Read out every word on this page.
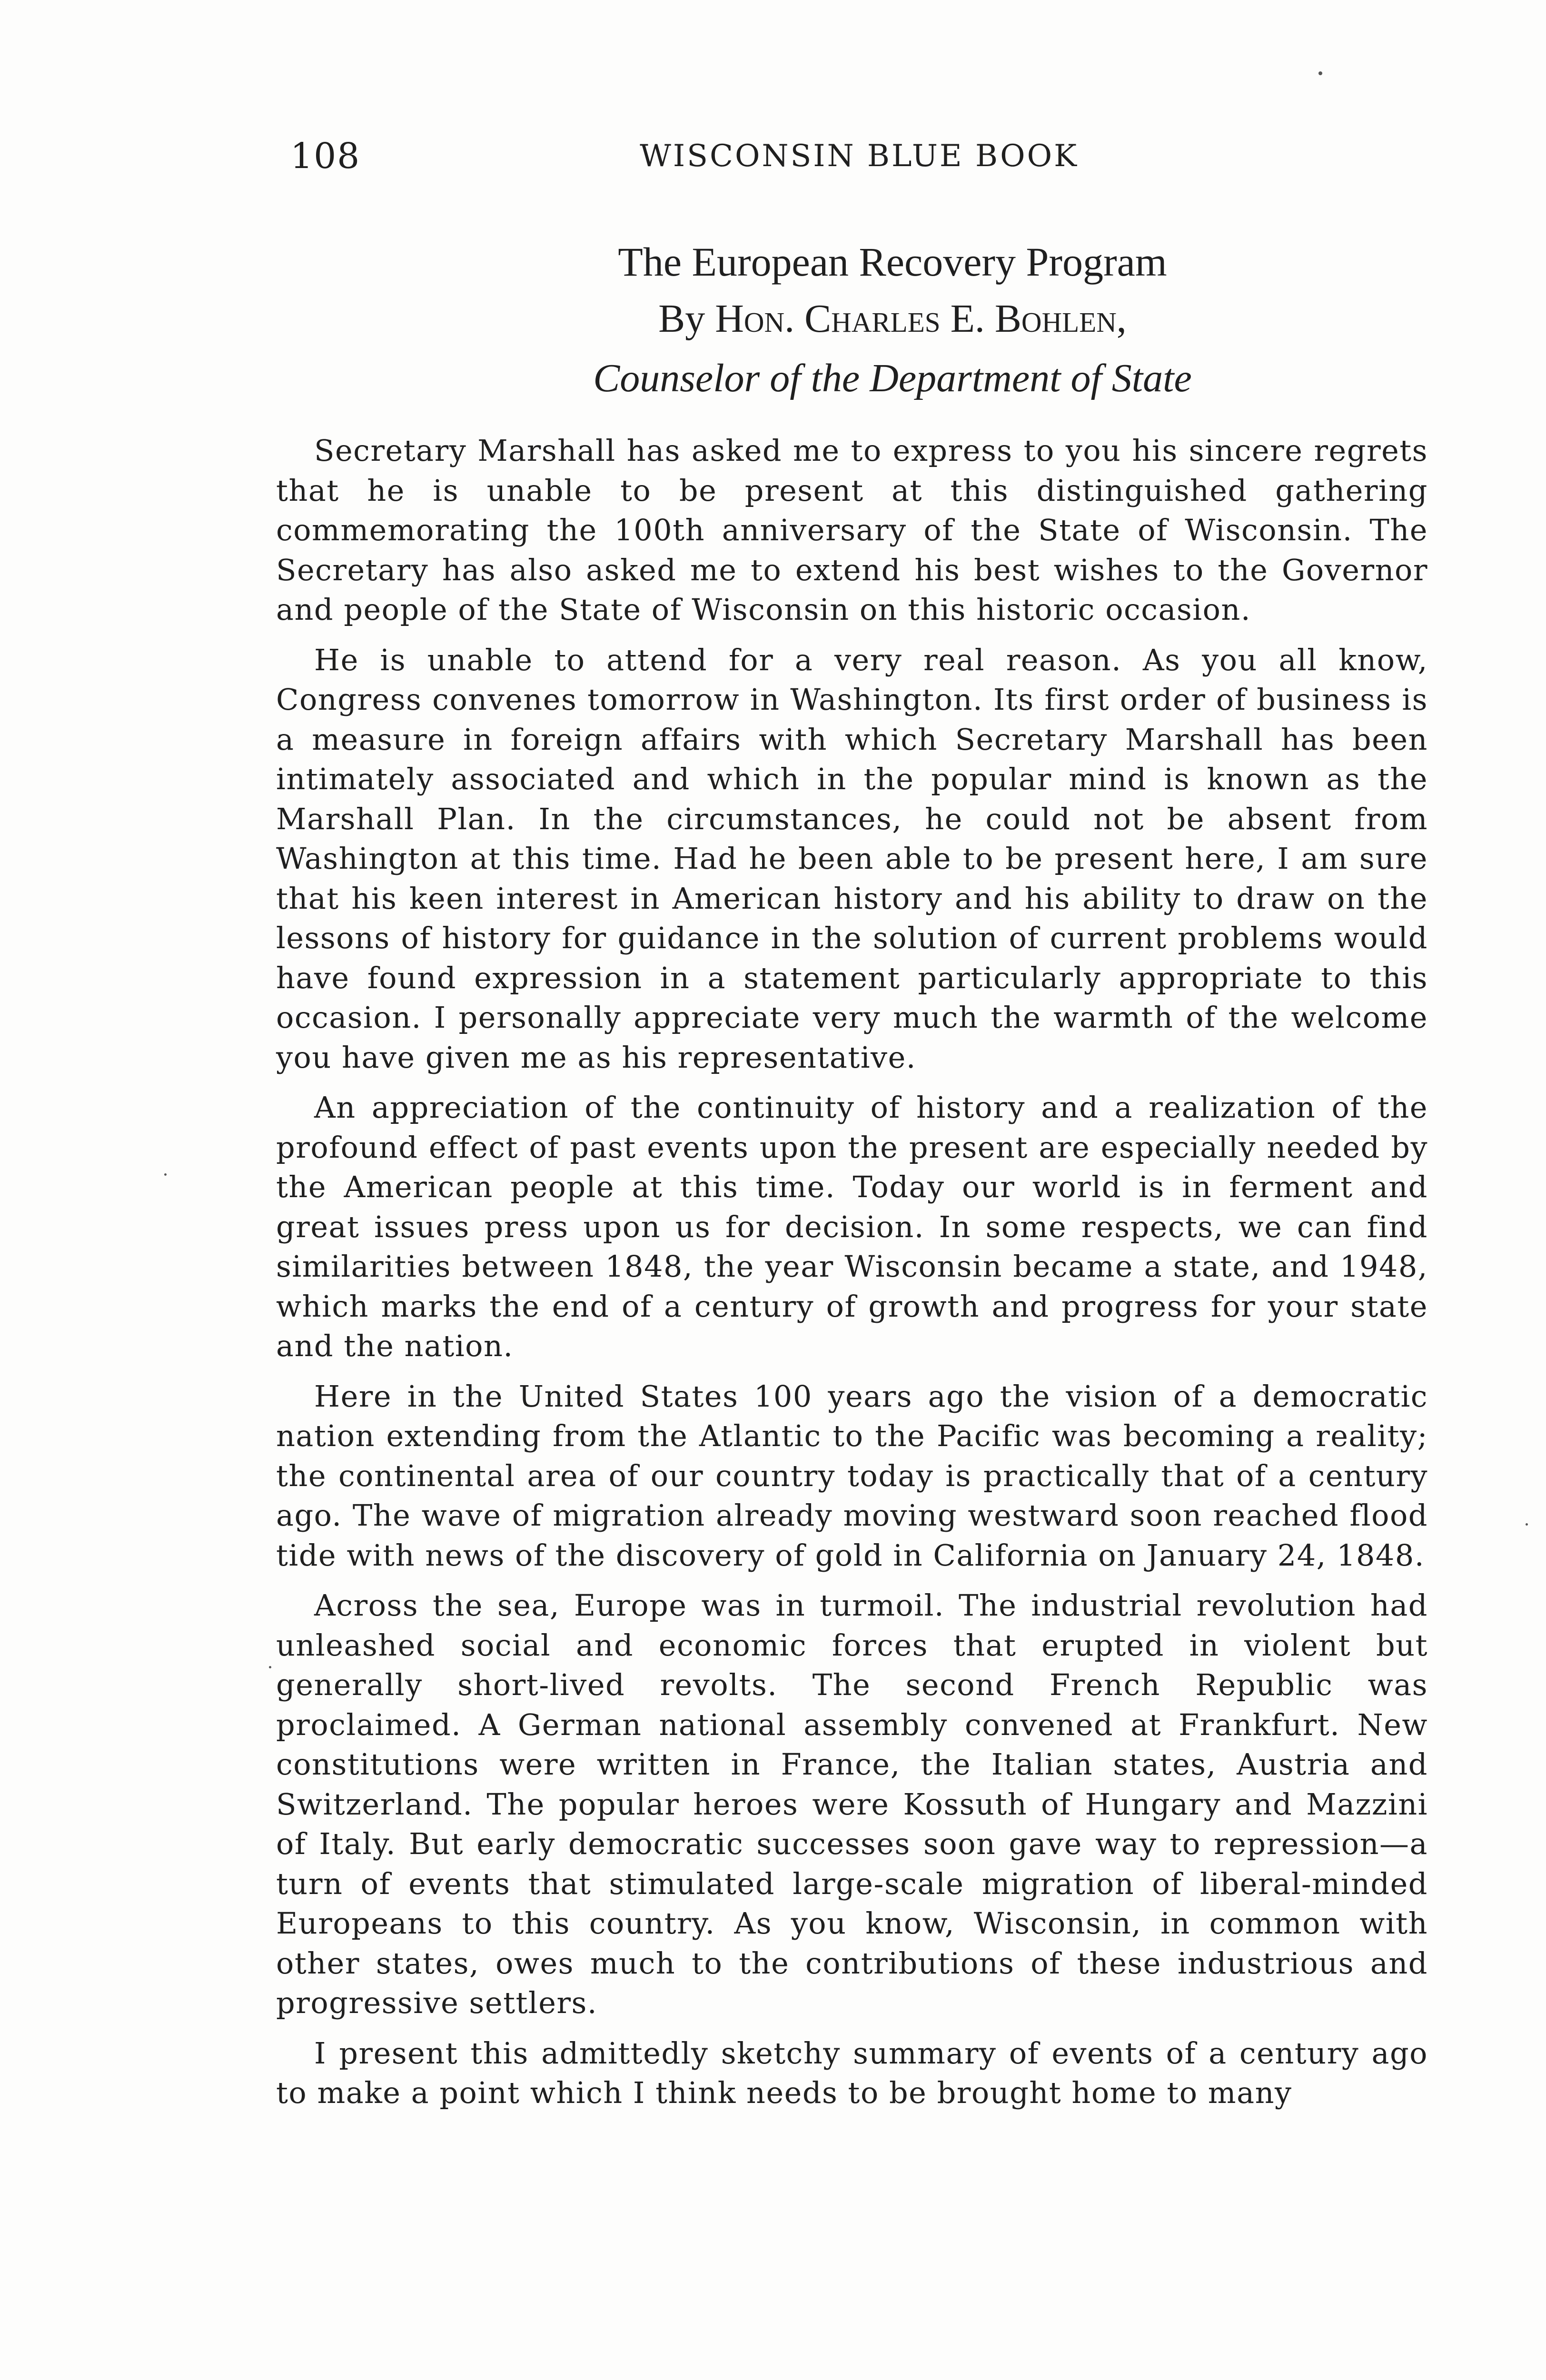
108	WISCONSIN BLUE BOOK
The European Recovery Program
By Hon. Charles E. Bohlen,
Counselor of the Department of State

Secretary Marshall has asked me to express to you his sincere regrets that he is unable to be present at this distinguished gathering commemorating the 100th anniversary of the State of Wisconsin. The Secretary has also asked me to extend his best wishes to the Governor and people of the State of Wisconsin on this historic occasion.

He is unable to attend for a very real reason. As you all know, Congress convenes tomorrow in Washington. Its first order of business is a measure in foreign affairs with which Secretary Marshall has been intimately associated and which in the popular mind is known as the Marshall Plan. In the circumstances, he could not be absent from Washington at this time. Had he been able to be present here, I am sure that his keen interest in American history and his ability to draw on the lessons of history for guidance in the solution of current problems would have found expression in a statement particularly appropriate to this occasion. I personally appreciate very much the warmth of the welcome you have given me as his representative.

An appreciation of the continuity of history and a realization of the profound effect of past events upon the present are especially needed by the American people at this time. Today our world is in ferment and great issues press upon us for decision. In some respects, we can find similarities between 1848, the year Wisconsin became a state, and 1948, which marks the end of a century of growth and progress for your state and the nation.

Here in the United States 100 years ago the vision of a democratic nation extending from the Atlantic to the Pacific was becoming a reality; the continental area of our country today is practically that of a century ago. The wave of migration already moving westward soon reached flood tide with news of the discovery of gold in California on January 24, 1848.

Across the sea, Europe was in turmoil. The industrial revolution had unleashed social and economic forces that erupted in violent but generally short-lived revolts. The second French Republic was proclaimed. A German national assembly convened at Frankfurt. New constitutions were written in France, the Italian states, Austria and Switzerland. The popular heroes were Kossuth of Hungary and Mazzini of Italy. But early democratic successes soon gave way to repression—a turn of events that stimulated large-scale migration of liberal-minded Europeans to this country. As you know, Wisconsin, in common with other states, owes much to the contributions of these industrious and progressive settlers.

I present this admittedly sketchy summary of events of a century ago to make a point which I think needs to be brought home to many
